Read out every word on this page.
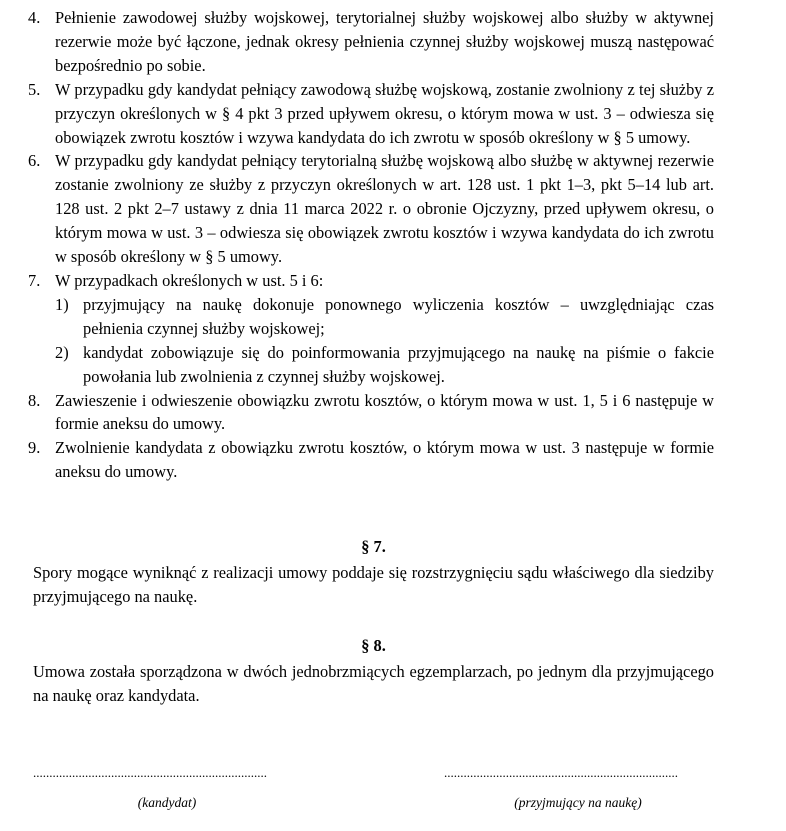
4. Pełnienie zawodowej służby wojskowej, terytorialnej służby wojskowej albo służby w aktywnej rezerwie może być łączone, jednak okresy pełnienia czynnej służby wojskowej muszą następować bezpośrednio po sobie.
5. W przypadku gdy kandydat pełniący zawodową służbę wojskową, zostanie zwolniony z tej służby z przyczyn określonych w § 4 pkt 3 przed upływem okresu, o którym mowa w ust. 3 – odwiesza się obowiązek zwrotu kosztów i wzywa kandydata do ich zwrotu w sposób określony w § 5 umowy.
6. W przypadku gdy kandydat pełniący terytorialną służbę wojskową albo służbę w aktywnej rezerwie zostanie zwolniony ze służby z przyczyn określonych w art. 128 ust. 1 pkt 1–3, pkt 5–14 lub art. 128 ust. 2 pkt 2–7 ustawy z dnia 11 marca 2022 r. o obronie Ojczyzny, przed upływem okresu, o którym mowa w ust. 3 – odwiesza się obowiązek zwrotu kosztów i wzywa kandydata do ich zwrotu w sposób określony w § 5 umowy.
7. W przypadkach określonych w ust. 5 i 6:
1) przyjmujący na naukę dokonuje ponownego wyliczenia kosztów – uwzględniając czas pełnienia czynnej służby wojskowej;
2) kandydat zobowiązuje się do poinformowania przyjmującego na naukę na piśmie o fakcie powołania lub zwolnienia z czynnej służby wojskowej.
8. Zawieszenie i odwieszenie obowiązku zwrotu kosztów, o którym mowa w ust. 1, 5 i 6 następuje w formie aneksu do umowy.
9. Zwolnienie kandydata z obowiązku zwrotu kosztów, o którym mowa w ust. 3 następuje w formie aneksu do umowy.
§ 7.
Spory mogące wyniknąć z realizacji umowy poddaje się rozstrzygnięciu sądu właściwego dla siedziby przyjmującego na naukę.
§ 8.
Umowa została sporządzona w dwóch jednobrzmiących egzemplarzach, po jednym dla przyjmującego na naukę oraz kandydata.
........................................................................
(kandydat)
........................................................................
(przyjmujący na naukę)
